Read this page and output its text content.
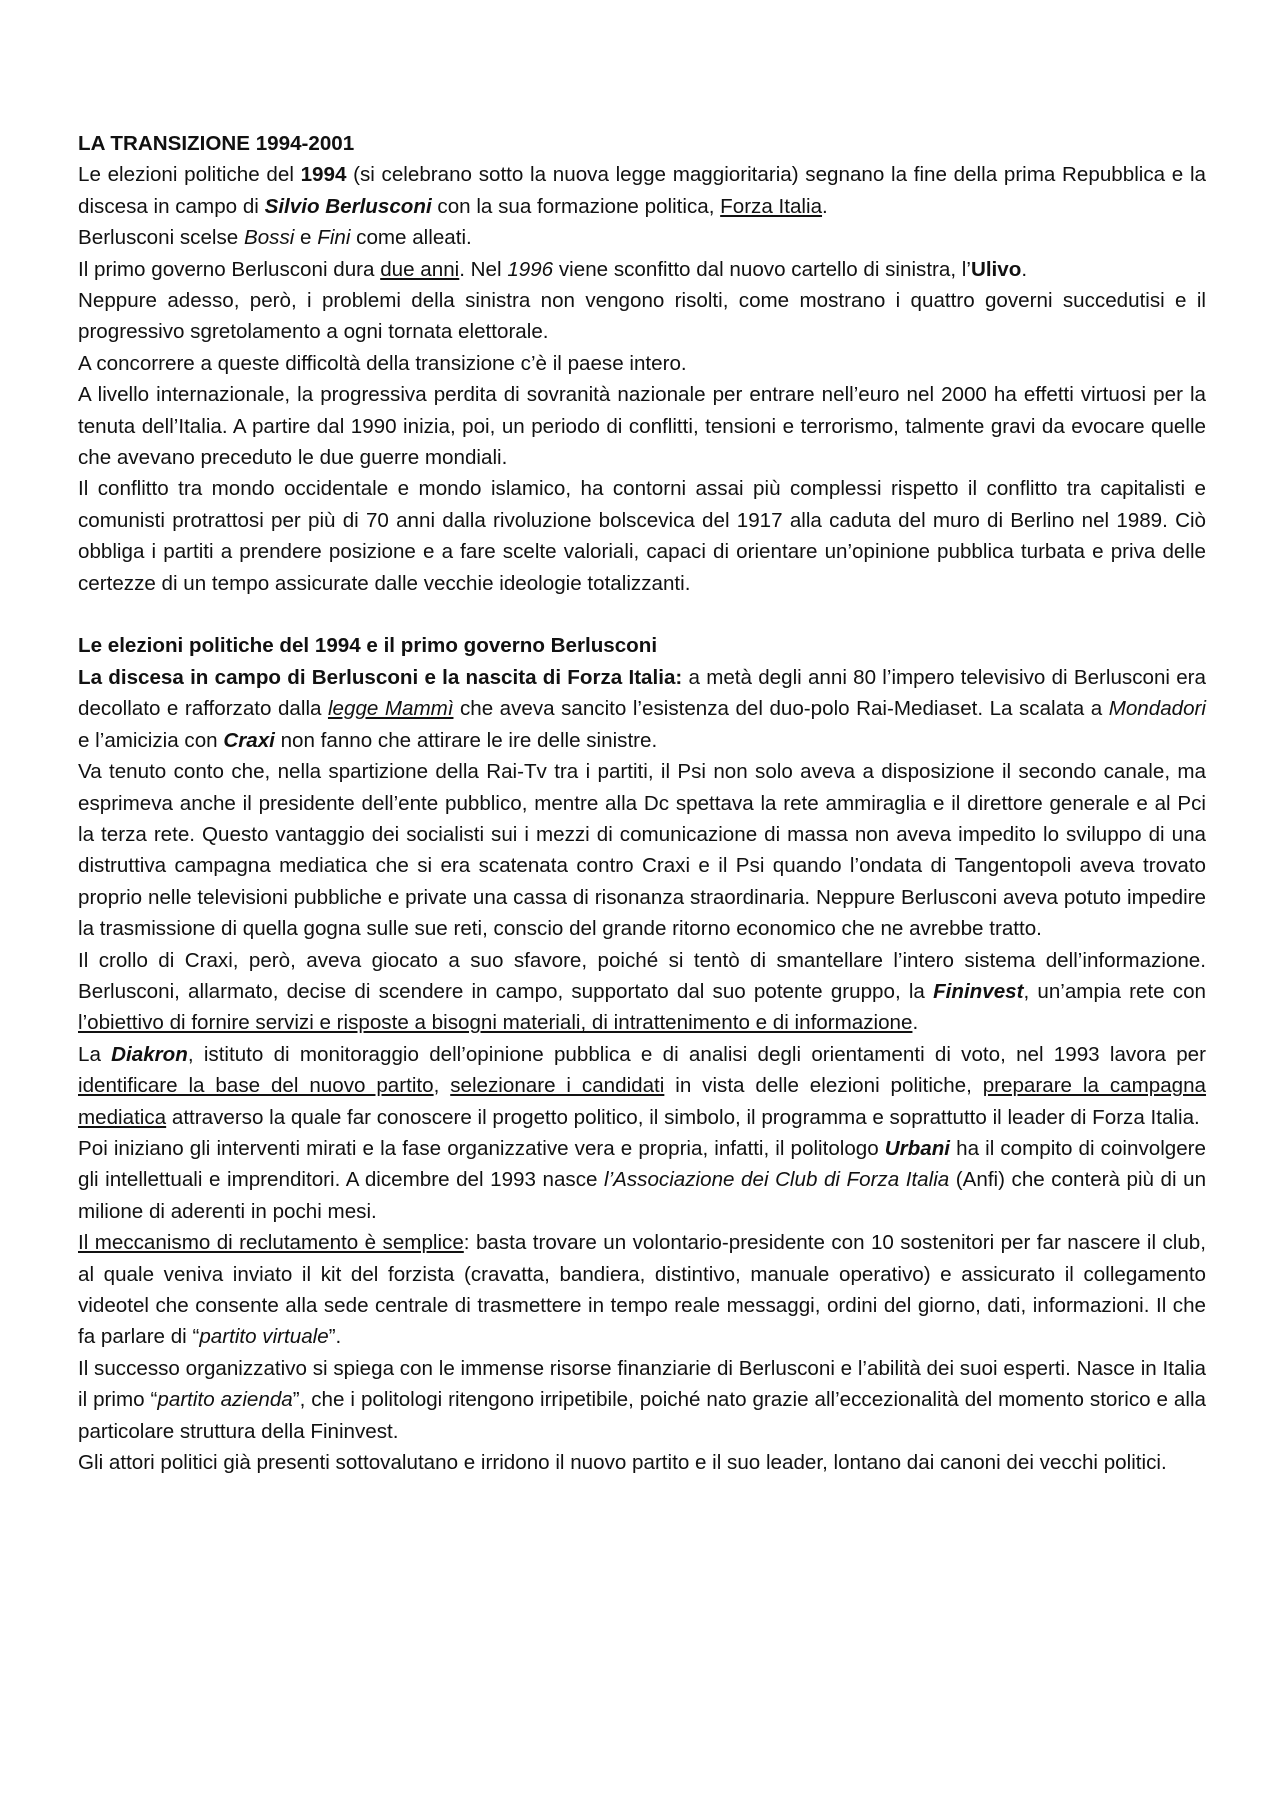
LA TRANSIZIONE 1994-2001

Le elezioni politiche del 1994 (si celebrano sotto la nuova legge maggioritaria) segnano la fine della prima Repubblica e la discesa in campo di Silvio Berlusconi con la sua formazione politica, Forza Italia.

Berlusconi scelse Bossi e Fini come alleati.

Il primo governo Berlusconi dura due anni. Nel 1996 viene sconfitto dal nuovo cartello di sinistra, l’Ulivo.

Neppure adesso, però, i problemi della sinistra non vengono risolti, come mostrano i quattro governi succedutisi e il progressivo sgretolamento a ogni tornata elettorale.

A concorrere a queste difficoltà della transizione c’è il paese intero.

A livello internazionale, la progressiva perdita di sovranità nazionale per entrare nell’euro nel 2000 ha effetti virtuosi per la tenuta dell’Italia. A partire dal 1990 inizia, poi, un periodo di conflitti, tensioni e terrorismo, talmente gravi da evocare quelle che avevano preceduto le due guerre mondiali.

Il conflitto tra mondo occidentale e mondo islamico, ha contorni assai più complessi rispetto il conflitto tra capitalisti e comunisti protrattosi per più di 70 anni dalla rivoluzione bolscevica del 1917 alla caduta del muro di Berlino nel 1989. Ciò obbliga i partiti a prendere posizione e a fare scelte valoriali, capaci di orientare un’opinione pubblica turbata e priva delle certezze di un tempo assicurate dalle vecchie ideologie totalizzanti.

Le elezioni politiche del 1994 e il primo governo Berlusconi

La discesa in campo di Berlusconi e la nascita di Forza Italia: a metà degli anni 80 l’impero televisivo di Berlusconi era decollato e rafforzato dalla legge Mammì che aveva sancito l’esistenza del duo-polo Rai-Mediaset. La scalata a Mondadori e l’amicizia con Craxi non fanno che attirare le ire delle sinistre.

Va tenuto conto che, nella spartizione della Rai-Tv tra i partiti, il Psi non solo aveva a disposizione il secondo canale, ma esprimeva anche il presidente dell’ente pubblico, mentre alla Dc spettava la rete ammiraglia e il direttore generale e al Pci la terza rete. Questo vantaggio dei socialisti sui i mezzi di comunicazione di massa non aveva impedito lo sviluppo di una distruttiva campagna mediatica che si era scatenata contro Craxi e il Psi quando l’ondata di Tangentopoli aveva trovato proprio nelle televisioni pubbliche e private una cassa di risonanza straordinaria. Neppure Berlusconi aveva potuto impedire la trasmissione di quella gogna sulle sue reti, conscio del grande ritorno economico che ne avrebbe tratto.

Il crollo di Craxi, però, aveva giocato a suo sfavore, poiché si tentò di smantellare l’intero sistema dell’informazione. Berlusconi, allarmato, decise di scendere in campo, supportato dal suo potente gruppo, la Fininvest, un’ampia rete con l’obiettivo di fornire servizi e risposte a bisogni materiali, di intrattenimento e di informazione.

La Diakron, istituto di monitoraggio dell’opinione pubblica e di analisi degli orientamenti di voto, nel 1993 lavora per identificare la base del nuovo partito, selezionare i candidati in vista delle elezioni politiche, preparare la campagna mediatica attraverso la quale far conoscere il progetto politico, il simbolo, il programma e soprattutto il leader di Forza Italia.

Poi iniziano gli interventi mirati e la fase organizzative vera e propria, infatti, il politologo Urbani ha il compito di coinvolgere gli intellettuali e imprenditori. A dicembre del 1993 nasce l’Associazione dei Club di Forza Italia (Anfi) che conterà più di un milione di aderenti in pochi mesi.

Il meccanismo di reclutamento è semplice: basta trovare un volontario-presidente con 10 sostenitori per far nascere il club, al quale veniva inviato il kit del forzista (cravatta, bandiera, distintivo, manuale operativo) e assicurato il collegamento videotel che consente alla sede centrale di trasmettere in tempo reale messaggi, ordini del giorno, dati, informazioni. Il che fa parlare di “partito virtuale”.

Il successo organizzativo si spiega con le immense risorse finanziarie di Berlusconi e l’abilità dei suoi esperti. Nasce in Italia il primo “partito azienda”, che i politologi ritengono irripetibile, poiché nato grazie all’eccezionalità del momento storico e alla particolare struttura della Fininvest.

Gli attori politici già presenti sottovalutano e irridono il nuovo partito e il suo leader, lontano dai canoni dei vecchi politici.
